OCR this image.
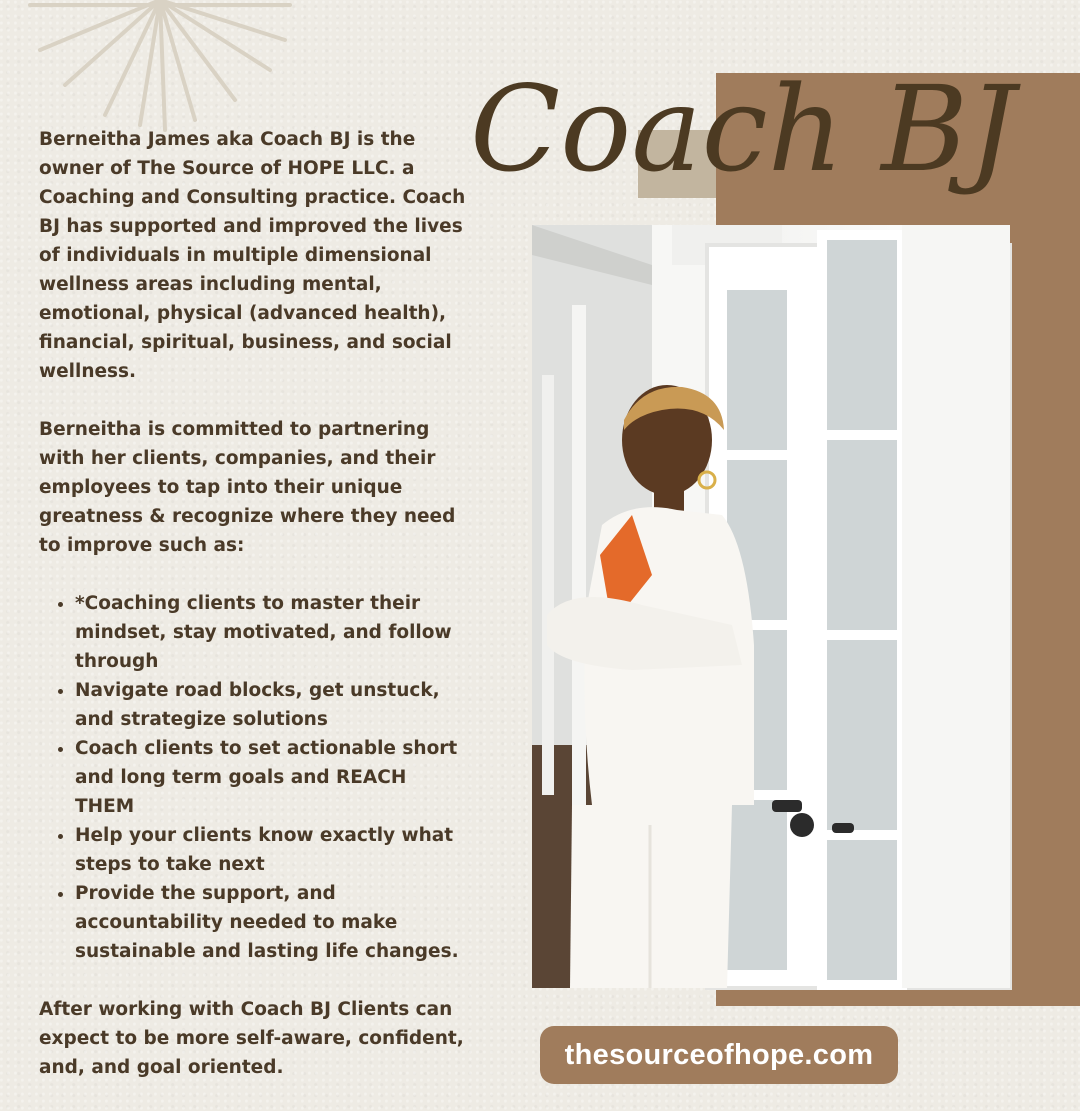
Coach BJ

Berneitha James aka Coach BJ is the owner of The Source of HOPE LLC. a Coaching and Consulting practice. Coach BJ has supported and improved the lives of individuals in multiple dimensional wellness areas including mental, emotional, physical (advanced health), financial, spiritual, business, and social wellness.

Berneitha is committed to partnering with her clients, companies, and their employees to tap into their unique greatness & recognize where they need to improve such as:

• *Coaching clients to master their mindset, stay motivated, and follow through
• Navigate road blocks, get unstuck, and strategize solutions
• Coach clients to set actionable short and long term goals and REACH THEM
• Help your clients know exactly what steps to take next
• Provide the support, and accountability needed to make sustainable and lasting life changes.

After working with Coach BJ Clients can expect to be more self-aware, confident, and, and goal oriented.	thesourceofhope.com
